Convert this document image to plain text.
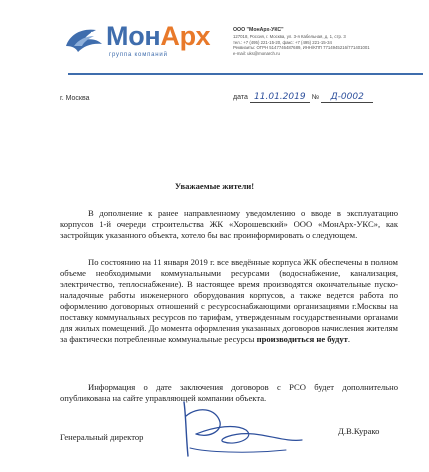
МонАрх
группа компаний
ООО "МонАрх-УКС"
127018, Россия, г. Москва, ул. 3-я Кабельная, д. 1, стр. 3
тел.: +7 (495) 221-15-20, факс: +7 (495) 221-15-34
Реквизиты: ОГРН 5147746487689, ИНН/КПП 7714945216/771401001
e-mail: uks@monarch.ru
г. Москва	дата 11.01.2019 № Д-0002
Уважаемые жители!

В дополнение к ранее направленному уведомлению о вводе в эксплуатацию корпусов 1-й очереди строительства ЖК «Хорошевский» ООО «МонАрх-УКС», как застройщик указанного объекта, хотело бы вас проинформировать о следующем.

По состоянию на 11 января 2019 г. все введённые корпуса ЖК обеспечены в полном объеме необходимыми коммунальными ресурсами (водоснабжение, канализация, электричество, теплоснабжение). В настоящее время производятся окончательные пуско-наладочные работы инженерного оборудования корпусов, а также ведется работа по оформлению договорных отношений с ресурсоснабжающими организациями г.Москвы на поставку коммунальных ресурсов по тарифам, утвержденным государственными органами для жилых помещений. До момента оформления указанных договоров начисления жителям за фактически потребленные коммунальные ресурсы производиться не будут.

Информация о дате заключения договоров с РСО будет дополнительно опубликована на сайте управляющей компании объекта.

Генеральный директор
Д.В.Курако
